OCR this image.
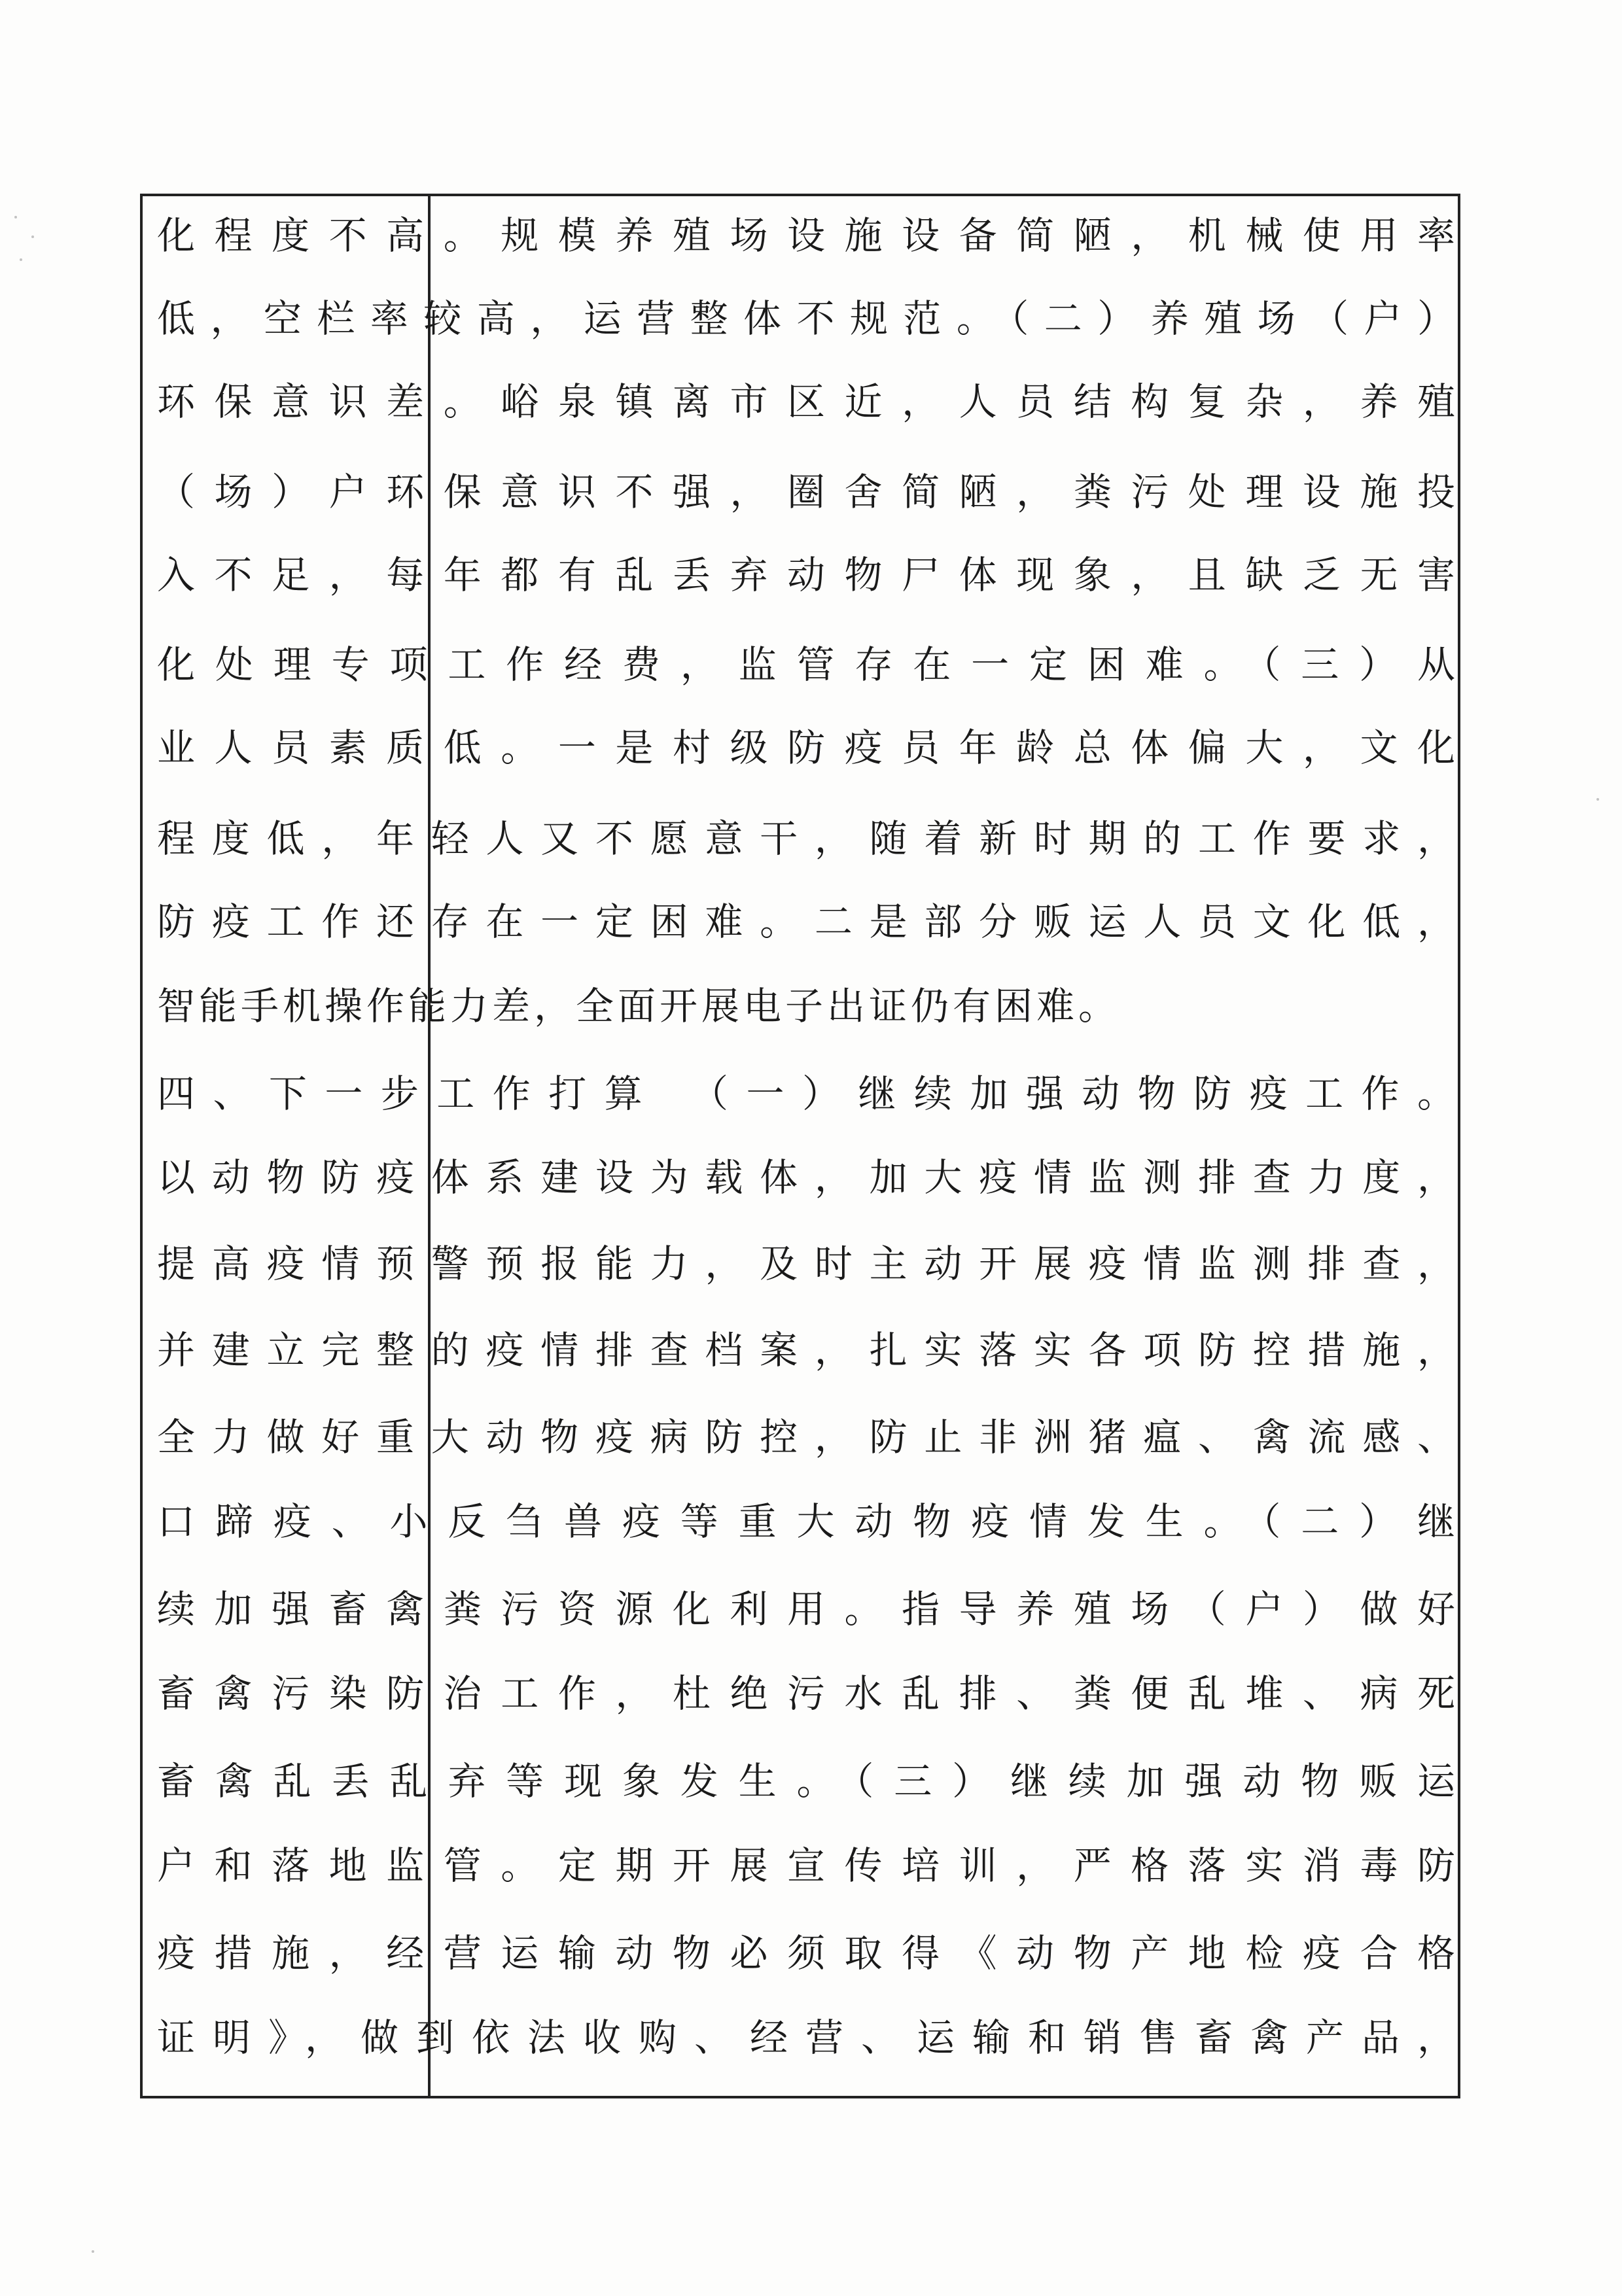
化程度不高。规模养殖场设施设备简陋，机械使用率
低，空栏率较高，运营整体不规范。（二）养殖场（户）
环保意识差。峪泉镇离市区近，人员结构复杂，养殖
（场）户环保意识不强，圈舍简陋，粪污处理设施投
入不足，每年都有乱丢弃动物尸体现象，且缺乏无害
化处理专项工作经费，监管存在一定困难。（三）从
业人员素质低。一是村级防疫员年龄总体偏大，文化
程度低，年轻人又不愿意干，随着新时期的工作要求，
防疫工作还存在一定困难。二是部分贩运人员文化低，
智能手机操作能力差，全面开展电子出证仍有困难。
四、下一步工作打算 （一）继续加强动物防疫工作。
以动物防疫体系建设为载体，加大疫情监测排查力度，
提高疫情预警预报能力，及时主动开展疫情监测排查，
并建立完整的疫情排查档案，扎实落实各项防控措施，
全力做好重大动物疫病防控，防止非洲猪瘟、禽流感、
口蹄疫、小反刍兽疫等重大动物疫情发生。（二）继
续加强畜禽粪污资源化利用。指导养殖场（户）做好
畜禽污染防治工作，杜绝污水乱排、粪便乱堆、病死
畜禽乱丢乱弃等现象发生。（三）继续加强动物贩运
户和落地监管。定期开展宣传培训，严格落实消毒防
疫措施，经营运输动物必须取得《动物产地检疫合格
证明》，做到依法收购、经营、运输和销售畜禽产品，
